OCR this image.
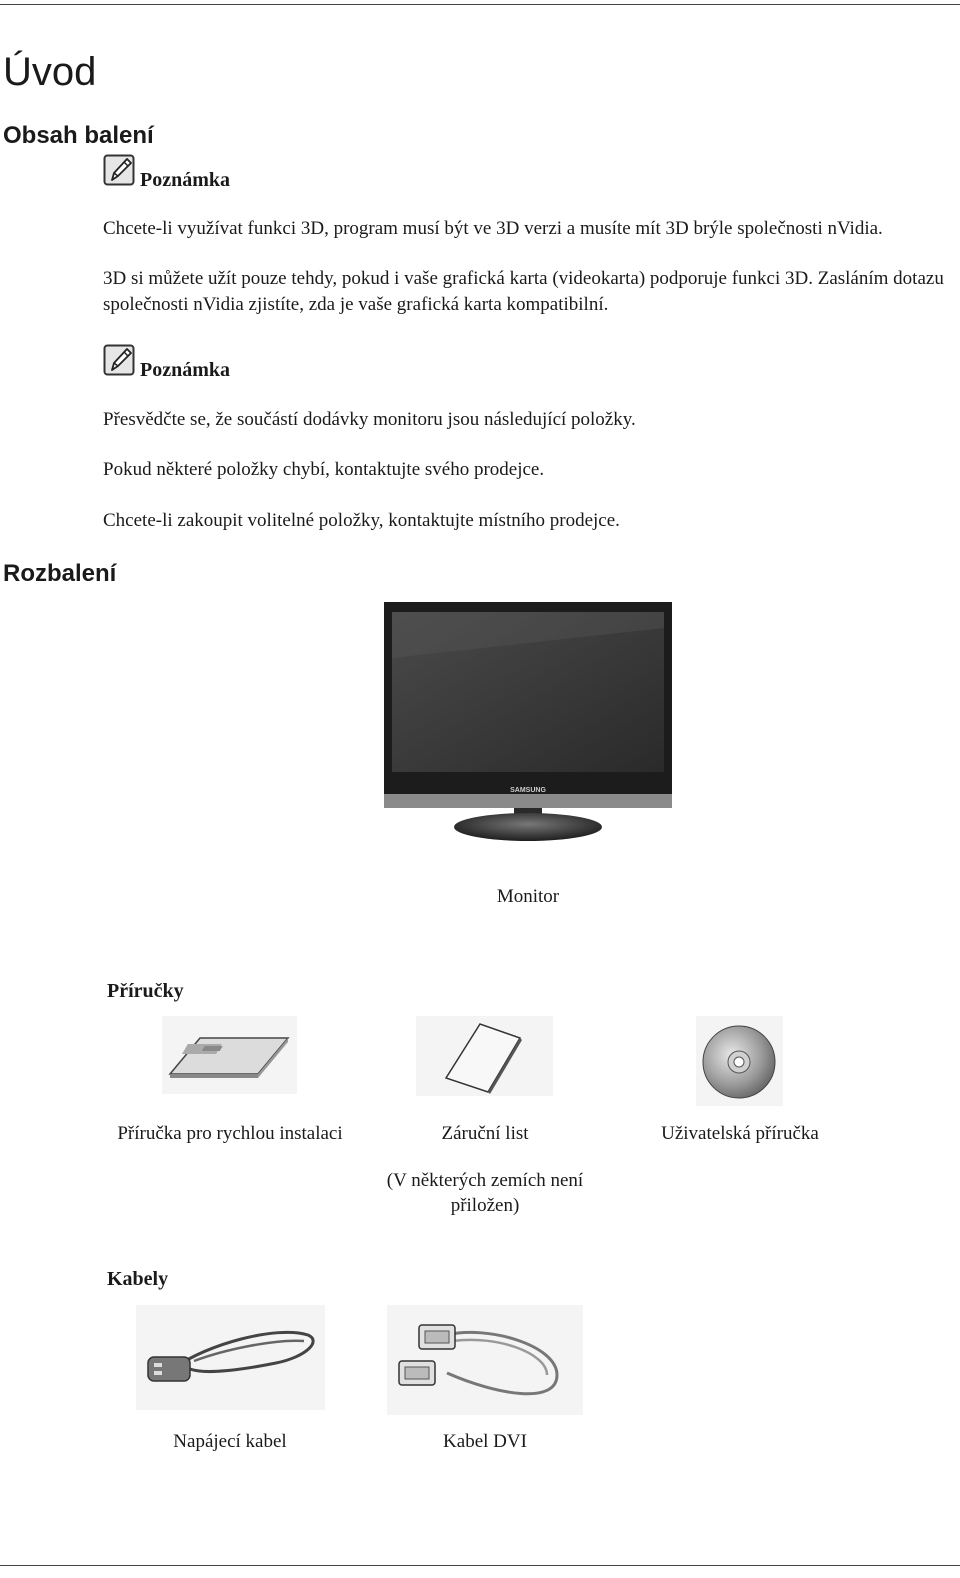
Úvod
Obsah balení
Poznámka

Chcete-li využívat funkci 3D, program musí být ve 3D verzi a musíte mít 3D brýle společnosti nVidia.

3D si můžete užít pouze tehdy, pokud i vaše grafická karta (videokarta) podporuje funkci 3D. Zasláním dotazu společnosti nVidia zjistíte, zda je vaše grafická karta kompatibilní.

Poznámka

Přesvědčte se, že součástí dodávky monitoru jsou následující položky.

Pokud některé položky chybí, kontaktujte svého prodejce.

Chcete-li zakoupit volitelné položky, kontaktujte místního prodejce.

Rozbalení
SAMSUNG
Monitor
Příručky
Příručka pro rychlou instalaci	Záruční list
(V některých zemích není přiložen)
Uživatelská příručka
Kabely
Napájecí kabel	Kabel DVI
